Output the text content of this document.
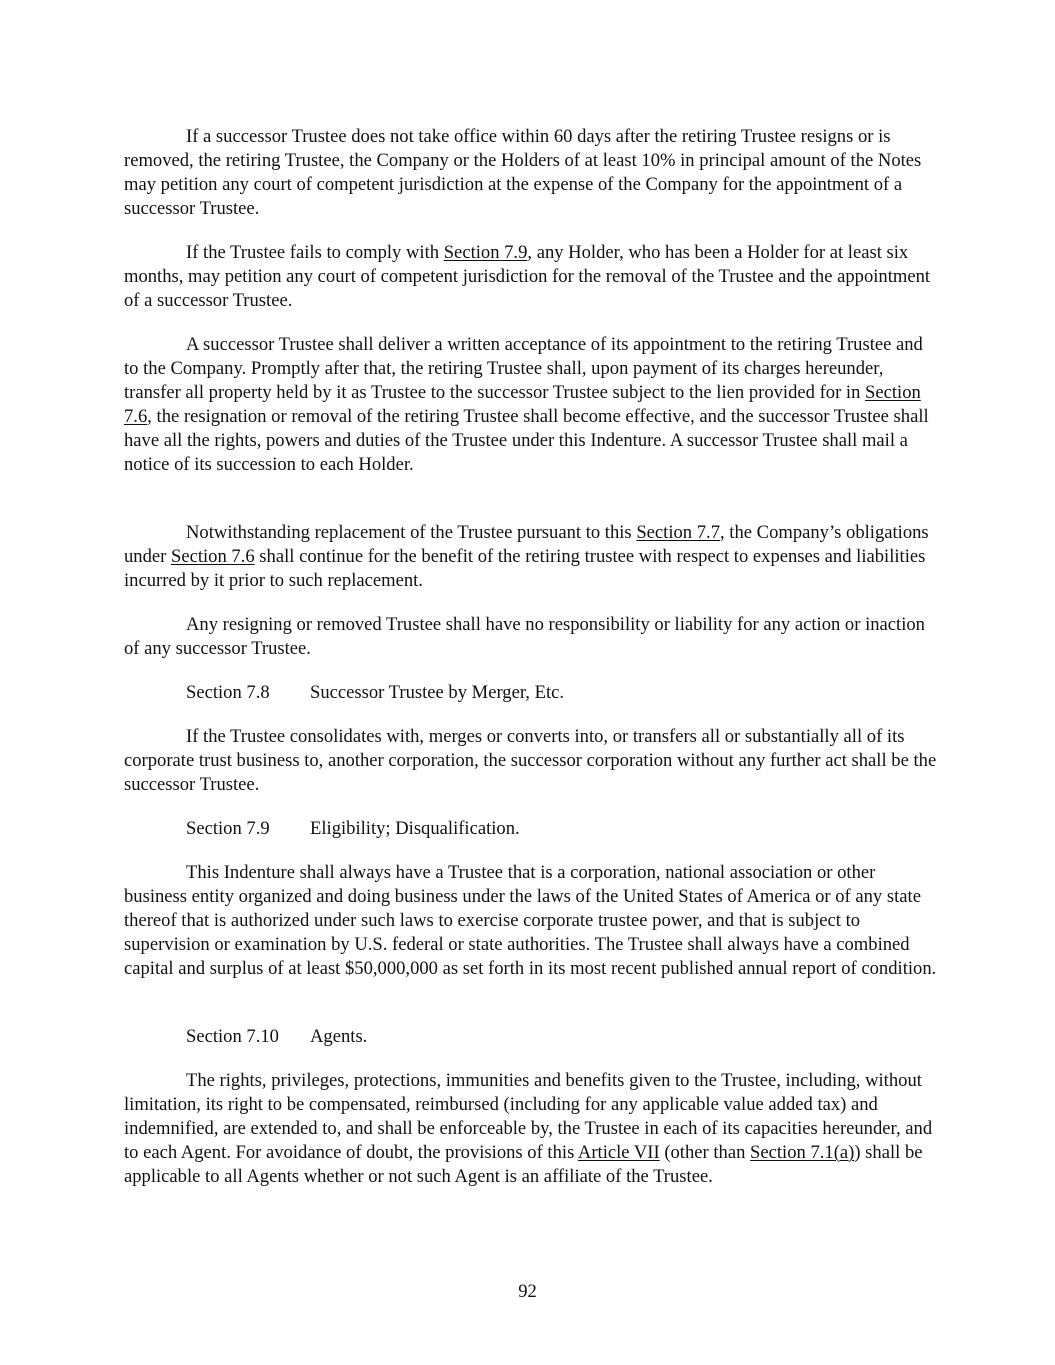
If a successor Trustee does not take office within 60 days after the retiring Trustee resigns or is removed, the retiring Trustee, the Company or the Holders of at least 10% in principal amount of the Notes may petition any court of competent jurisdiction at the expense of the Company for the appointment of a successor Trustee.

If the Trustee fails to comply with Section 7.9, any Holder, who has been a Holder for at least six months, may petition any court of competent jurisdiction for the removal of the Trustee and the appointment of a successor Trustee.

A successor Trustee shall deliver a written acceptance of its appointment to the retiring Trustee and to the Company. Promptly after that, the retiring Trustee shall, upon payment of its charges hereunder, transfer all property held by it as Trustee to the successor Trustee subject to the lien provided for in Section 7.6, the resignation or removal of the retiring Trustee shall become effective, and the successor Trustee shall have all the rights, powers and duties of the Trustee under this Indenture. A successor Trustee shall mail a notice of its succession to each Holder.

Notwithstanding replacement of the Trustee pursuant to this Section 7.7, the Company’s obligations under Section 7.6 shall continue for the benefit of the retiring trustee with respect to expenses and liabilities incurred by it prior to such replacement.

Any resigning or removed Trustee shall have no responsibility or liability for any action or inaction of any successor Trustee.

Section 7.8 Successor Trustee by Merger, Etc.

If the Trustee consolidates with, merges or converts into, or transfers all or substantially all of its corporate trust business to, another corporation, the successor corporation without any further act shall be the successor Trustee.

Section 7.9 Eligibility; Disqualification.

This Indenture shall always have a Trustee that is a corporation, national association or other business entity organized and doing business under the laws of the United States of America or of any state thereof that is authorized under such laws to exercise corporate trustee power, and that is subject to supervision or examination by U.S. federal or state authorities. The Trustee shall always have a combined capital and surplus of at least $50,000,000 as set forth in its most recent published annual report of condition.

Section 7.10 Agents.

The rights, privileges, protections, immunities and benefits given to the Trustee, including, without limitation, its right to be compensated, reimbursed (including for any applicable value added tax) and indemnified, are extended to, and shall be enforceable by, the Trustee in each of its capacities hereunder, and to each Agent. For avoidance of doubt, the provisions of this Article VII (other than Section 7.1(a)) shall be applicable to all Agents whether or not such Agent is an affiliate of the Trustee.

92
